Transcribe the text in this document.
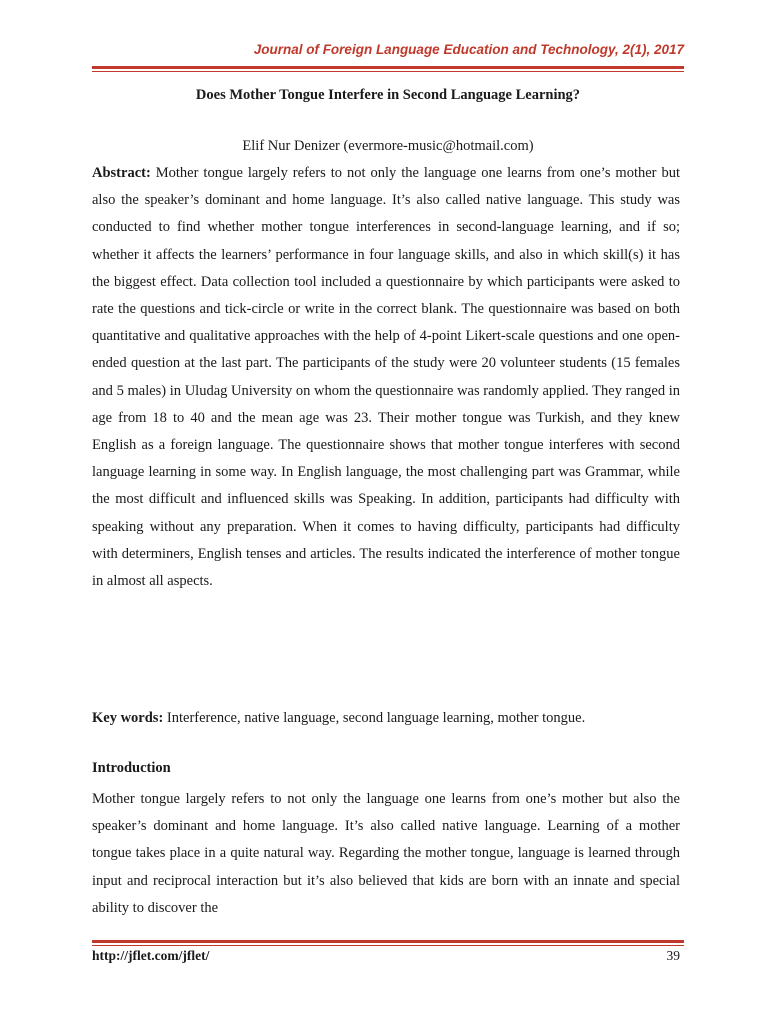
Journal of Foreign Language Education and Technology, 2(1), 2017
Does Mother Tongue Interfere in Second Language Learning?
Elif Nur Denizer (evermore-music@hotmail.com)

Abstract: Mother tongue largely refers to not only the language one learns from one’s mother but also the speaker’s dominant and home language. It’s also called native language. This study was conducted to find whether mother tongue interferences in second-language learning, and if so; whether it affects the learners’ performance in four language skills, and also in which skill(s) it has the biggest effect. Data collection tool included a questionnaire by which participants were asked to rate the questions and tick-circle or write in the correct blank. The questionnaire was based on both quantitative and qualitative approaches with the help of 4-point Likert-scale questions and one open-ended question at the last part. The participants of the study were 20 volunteer students (15 females and 5 males) in Uludag University on whom the questionnaire was randomly applied. They ranged in age from 18 to 40 and the mean age was 23. Their mother tongue was Turkish, and they knew English as a foreign language. The questionnaire shows that mother tongue interferes with second language learning in some way. In English language, the most challenging part was Grammar, while the most difficult and influenced skills was Speaking. In addition, participants had difficulty with speaking without any preparation. When it comes to having difficulty, participants had difficulty with determiners, English tenses and articles. The results indicated the interference of mother tongue in almost all aspects.

Key words: Interference, native language, second language learning, mother tongue.

Introduction

Mother tongue largely refers to not only the language one learns from one’s mother but also the speaker’s dominant and home language. It’s also called native language. Learning of a mother tongue takes place in a quite natural way. Regarding the mother tongue, language is learned through input and reciprocal interaction but it’s also believed that kids are born with an innate and special ability to discover the

http://jflet.com/jflet/	39
